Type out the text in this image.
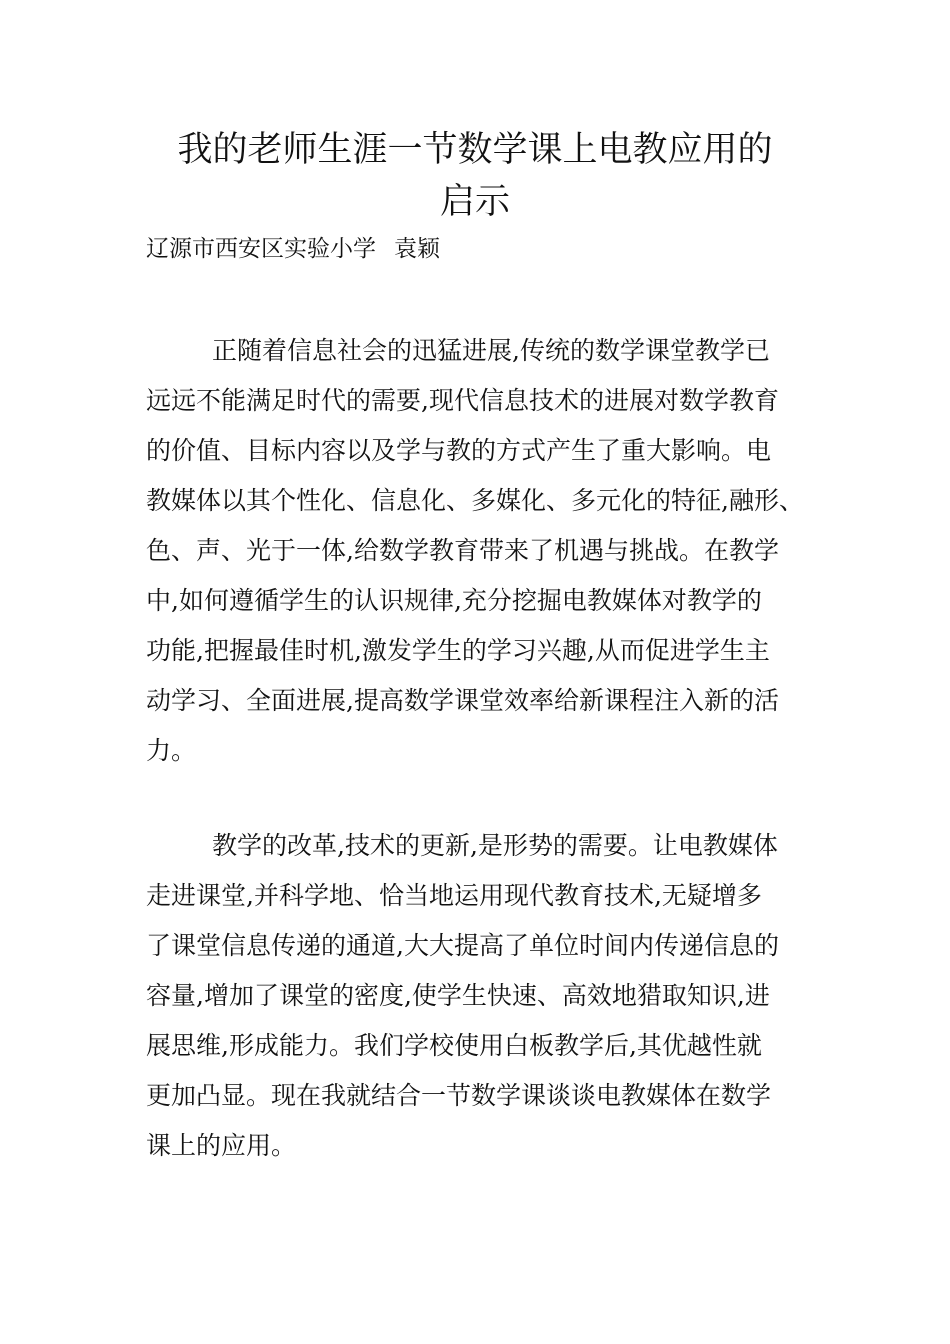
我的老师生涯一节数学课上电教应用的
启示
辽源市西安区实验小学 袁颖

正随着信息社会的迅猛进展,传统的数学课堂教学已
远远不能满足时代的需要,现代信息技术的进展对数学教育
的价值、目标内容以及学与教的方式产生了重大影响。电
教媒体以其个性化、信息化、多媒化、多元化的特征,融形、
色、声、光于一体,给数学教育带来了机遇与挑战。在教学
中,如何遵循学生的认识规律,充分挖掘电教媒体对教学的
功能,把握最佳时机,激发学生的学习兴趣,从而促进学生主
动学习、全面进展,提高数学课堂效率给新课程注入新的活
力。

教学的改革,技术的更新,是形势的需要。让电教媒体
走进课堂,并科学地、恰当地运用现代教育技术,无疑增多
了课堂信息传递的通道,大大提高了单位时间内传递信息的
容量,增加了课堂的密度,使学生快速、高效地猎取知识,进
展思维,形成能力。我们学校使用白板教学后,其优越性就
更加凸显。现在我就结合一节数学课谈谈电教媒体在数学
课上的应用。
